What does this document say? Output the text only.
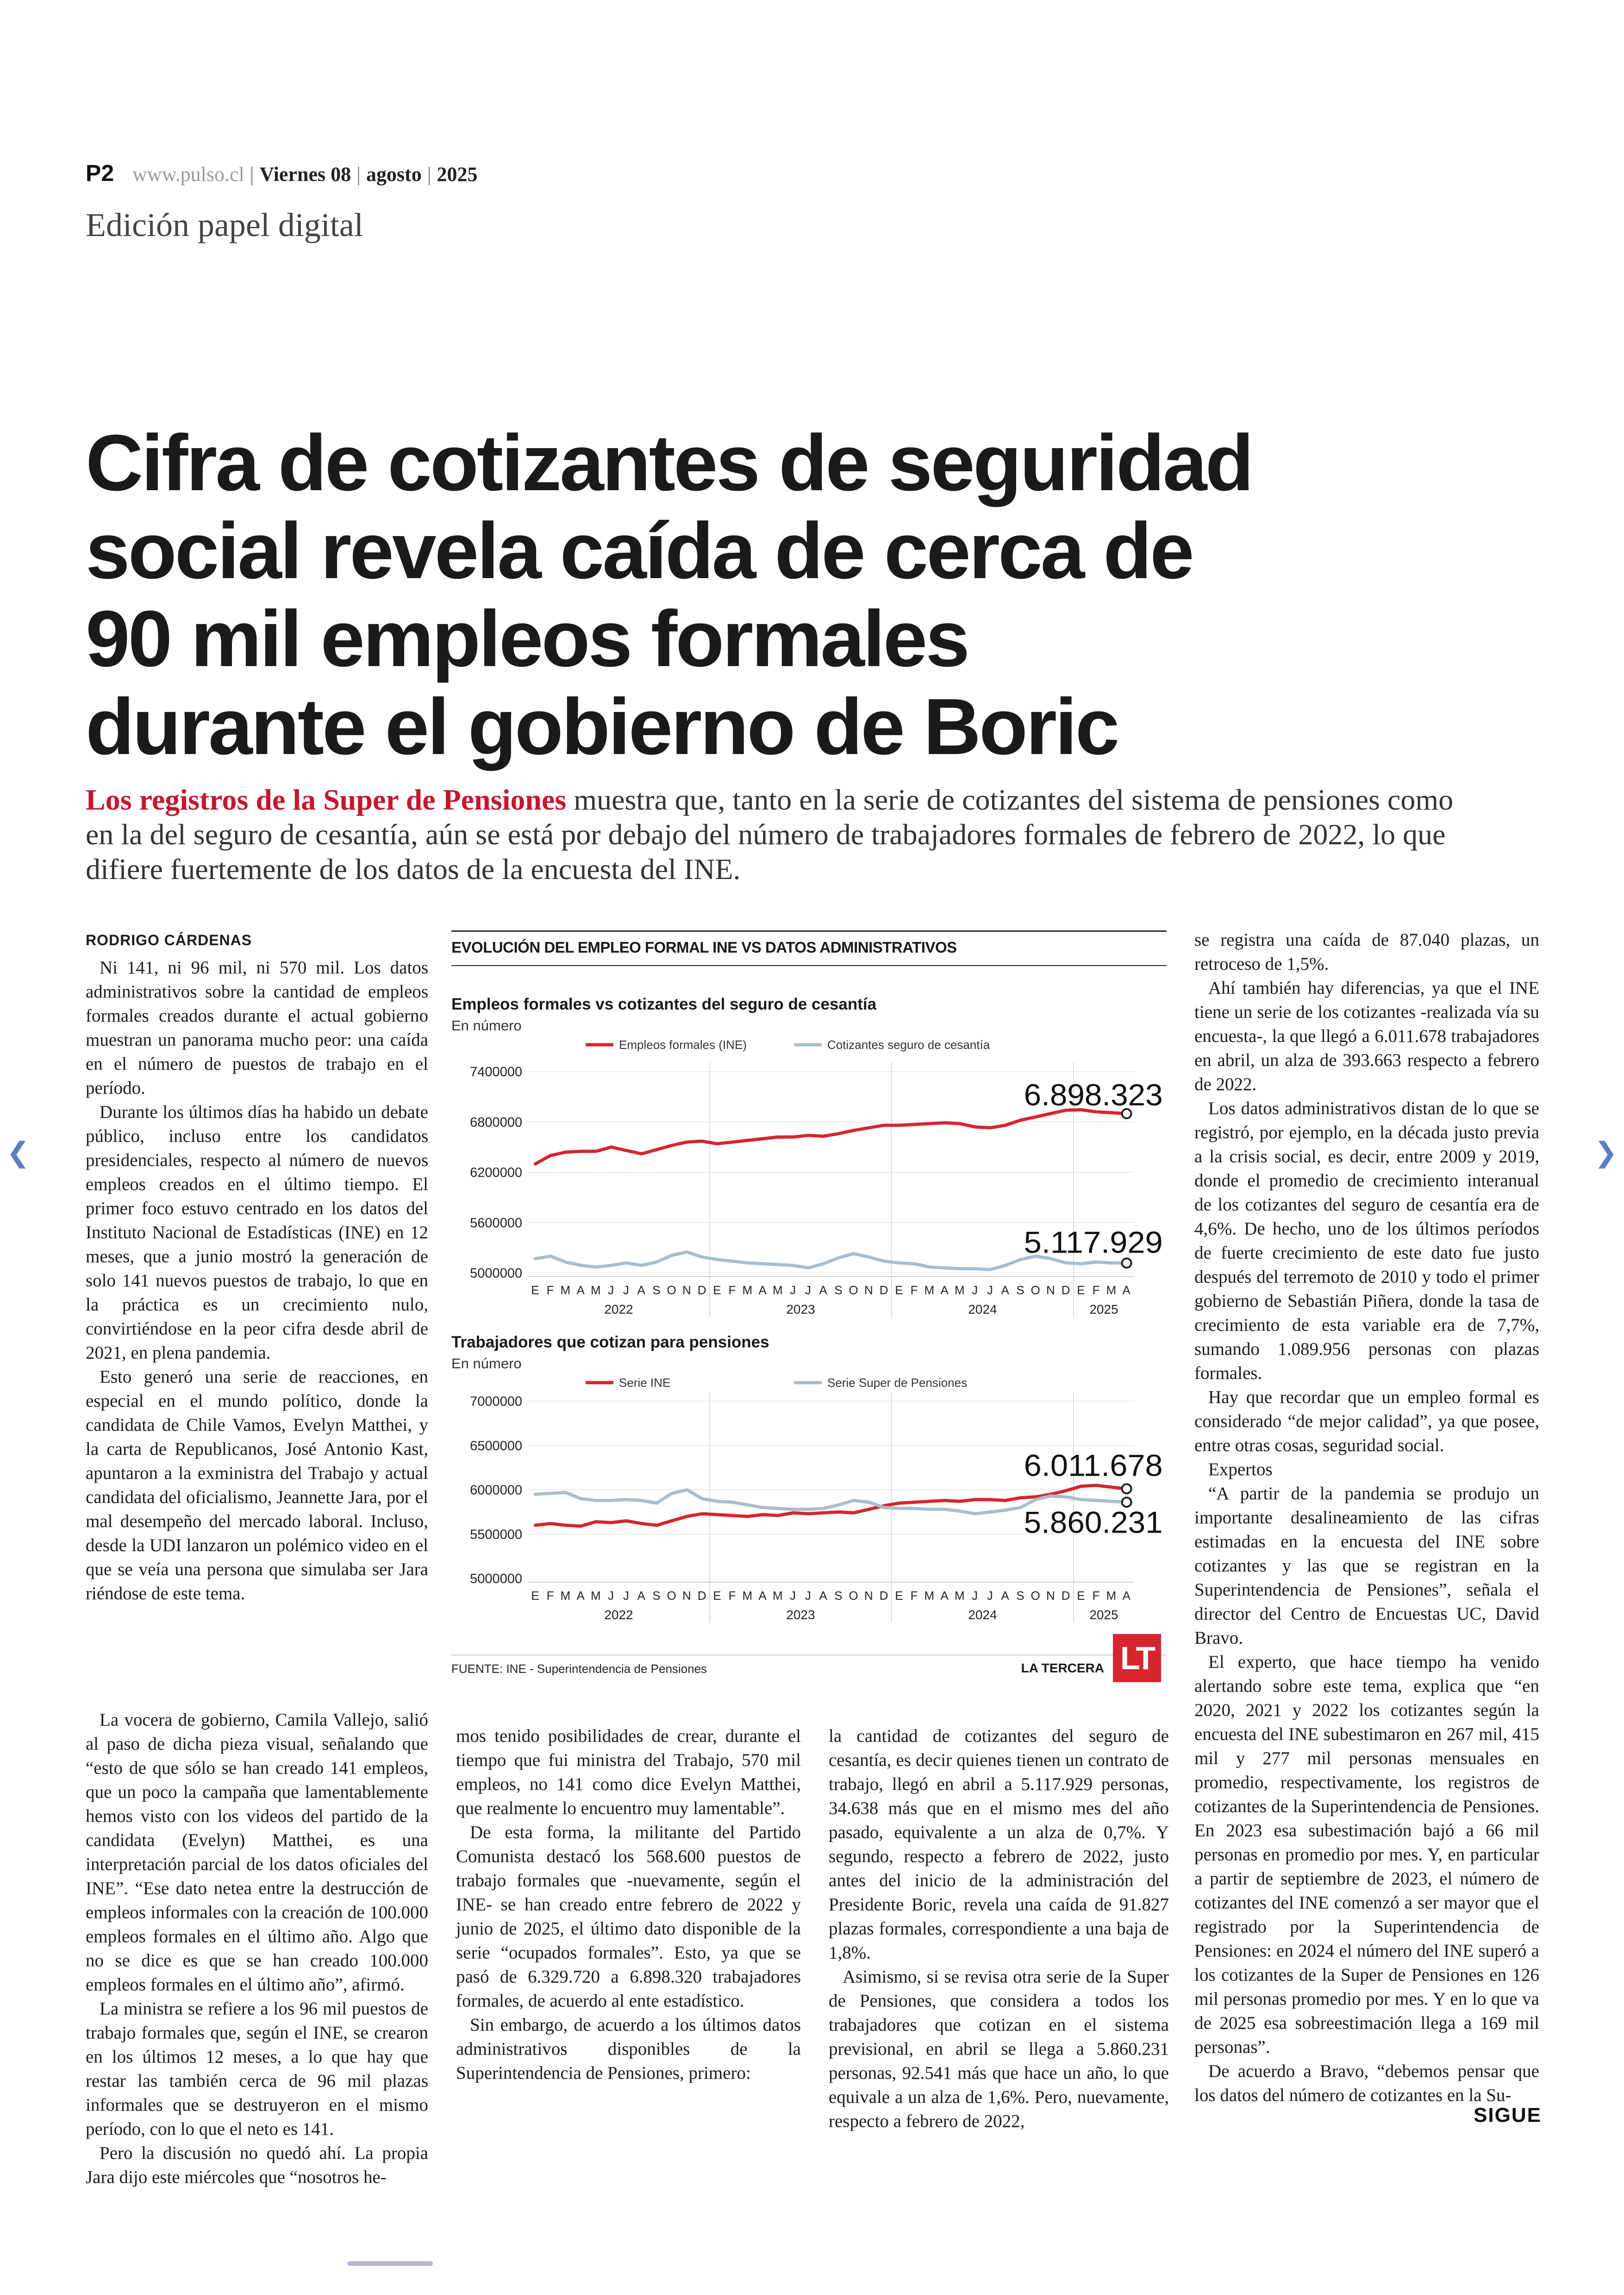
P2 www.pulso.cl | Viernes 08 | agosto | 2025
Edición papel digital
Cifra de cotizantes de seguridad
social revela caída de cerca de
90 mil empleos formales
durante el gobierno de Boric
Los registros de la Super de Pensiones muestra que, tanto en la serie de cotizantes del sistema de pensiones como en la del seguro de cesantía, aún se está por debajo del número de trabajadores formales de febrero de 2022, lo que difiere fuertemente de los datos de la encuesta del INE.

RODRIGO CÁRDENAS

Ni 141, ni 96 mil, ni 570 mil. Los datos administrativos sobre la cantidad de empleos formales creados durante el actual gobierno muestran un panorama mucho peor: una caída en el número de puestos de trabajo en el período.

Durante los últimos días ha habido un debate público, incluso entre los candidatos presidenciales, respecto al número de nuevos empleos creados en el último tiempo. El primer foco estuvo centrado en los datos del Instituto Nacional de Estadísticas (INE) en 12 meses, que a junio mostró la generación de solo 141 nuevos puestos de trabajo, lo que en la práctica es un crecimiento nulo, convirtiéndose en la peor cifra desde abril de 2021, en plena pandemia.

Esto generó una serie de reacciones, en especial en el mundo político, donde la candidata de Chile Vamos, Evelyn Matthei, y la carta de Republicanos, José Antonio Kast, apuntaron a la exministra del Trabajo y actual candidata del oficialismo, Jeannette Jara, por el mal desempeño del mercado laboral. Incluso, desde la UDI lanzaron un polémico video en el que se veía una persona que simulaba ser Jara riéndose de este tema.

La vocera de gobierno, Camila Vallejo, salió al paso de dicha pieza visual, señalando que “esto de que sólo se han creado 141 empleos, que un poco la campaña que lamentablemente hemos visto con los videos del partido de la candidata (Evelyn) Matthei, es una interpretación parcial de los datos oficiales del INE”. “Ese dato netea entre la destrucción de empleos informales con la creación de 100.000 empleos formales en el último año. Algo que no se dice es que se han creado 100.000 empleos formales en el último año”, afirmó.

La ministra se refiere a los 96 mil puestos de trabajo formales que, según el INE, se crearon en los últimos 12 meses, a lo que hay que restar las también cerca de 96 mil plazas informales que se destruyeron en el mismo período, con lo que el neto es 141.

Pero la discusión no quedó ahí. La propia Jara dijo este miércoles que “nosotros he-

mos tenido posibilidades de crear, durante el tiempo que fui ministra del Trabajo, 570 mil empleos, no 141 como dice Evelyn Matthei, que realmente lo encuentro muy lamentable”.

De esta forma, la militante del Partido Comunista destacó los 568.600 puestos de trabajo formales que -nuevamente, según el INE- se han creado entre febrero de 2022 y junio de 2025, el último dato disponible de la serie “ocupados formales”. Esto, ya que se pasó de 6.329.720 a 6.898.320 trabajadores formales, de acuerdo al ente estadístico.

Sin embargo, de acuerdo a los últimos datos administrativos disponibles de la Superintendencia de Pensiones, primero:

la cantidad de cotizantes del seguro de cesantía, es decir quienes tienen un contrato de trabajo, llegó en abril a 5.117.929 personas, 34.638 más que en el mismo mes del año pasado, equivalente a un alza de 0,7%. Y segundo, respecto a febrero de 2022, justo antes del inicio de la administración del Presidente Boric, revela una caída de 91.827 plazas formales, correspondiente a una baja de 1,8%.

Asimismo, si se revisa otra serie de la Super de Pensiones, que considera a todos los trabajadores que cotizan en el sistema previsional, en abril se llega a 5.860.231 personas, 92.541 más que hace un año, lo que equivale a un alza de 1,6%. Pero, nuevamente, respecto a febrero de 2022,

se registra una caída de 87.040 plazas, un retroceso de 1,5%.

Ahí también hay diferencias, ya que el INE tiene un serie de los cotizantes -realizada vía su encuesta-, la que llegó a 6.011.678 trabajadores en abril, un alza de 393.663 respecto a febrero de 2022.

Los datos administrativos distan de lo que se registró, por ejemplo, en la década justo previa a la crisis social, es decir, entre 2009 y 2019, donde el promedio de crecimiento interanual de los cotizantes del seguro de cesantía era de 4,6%. De hecho, uno de los últimos períodos de fuerte crecimiento de este dato fue justo después del terremoto de 2010 y todo el primer gobierno de Sebastián Piñera, donde la tasa de crecimiento de esta variable era de 7,7%, sumando 1.089.956 personas con plazas formales.

Hay que recordar que un empleo formal es considerado “de mejor calidad”, ya que posee, entre otras cosas, seguridad social.

Expertos

“A partir de la pandemia se produjo un importante desalineamiento de las cifras estimadas en la encuesta del INE sobre cotizantes y las que se registran en la Superintendencia de Pensiones”, señala el director del Centro de Encuestas UC, David Bravo.

El experto, que hace tiempo ha venido alertando sobre este tema, explica que “en 2020, 2021 y 2022 los cotizantes según la encuesta del INE subestimaron en 267 mil, 415 mil y 277 mil personas mensuales en promedio, respectivamente, los registros de cotizantes de la Superintendencia de Pensiones. En 2023 esa subestimación bajó a 66 mil personas en promedio por mes. Y, en particular a partir de septiembre de 2023, el número de cotizantes del INE comenzó a ser mayor que el registrado por la Superintendencia de Pensiones: en 2024 el número del INE superó a los cotizantes de la Super de Pensiones en 126 mil personas promedio por mes. Y en lo que va de 2025 esa sobreestimación llega a 169 mil personas”.

De acuerdo a Bravo, “debemos pensar que los datos del número de cotizantes en la Su-

SIGUE
EVOLUCIÓN DEL EMPLEO FORMAL INE VS DATOS ADMINISTRATIVOS
Empleos formales vs cotizantes del seguro de cesantía
En número
Empleos formales (INE)	Cotizantes seguro de cesantía
7400000
6800000
6200000
5600000
5000000
E F M A M J J A S O N D E F M A M J J A S O N D E F M A M J J A S O N D E F M A
2022	2023	2024	2025
6.898.323
5.117.929
Trabajadores que cotizan para pensiones
En número
Serie INE	Serie Super de Pensiones
7000000
6500000
6000000
5500000
5000000
E F M A M J J A S O N D E F M A M J J A S O N D E F M A M J J A S O N D E F M A
2022	2023	2024	2025
6.011.678
5.860.231
FUENTE: INE - Superintendencia de Pensiones	LA TERCERA LT
❮	❯
